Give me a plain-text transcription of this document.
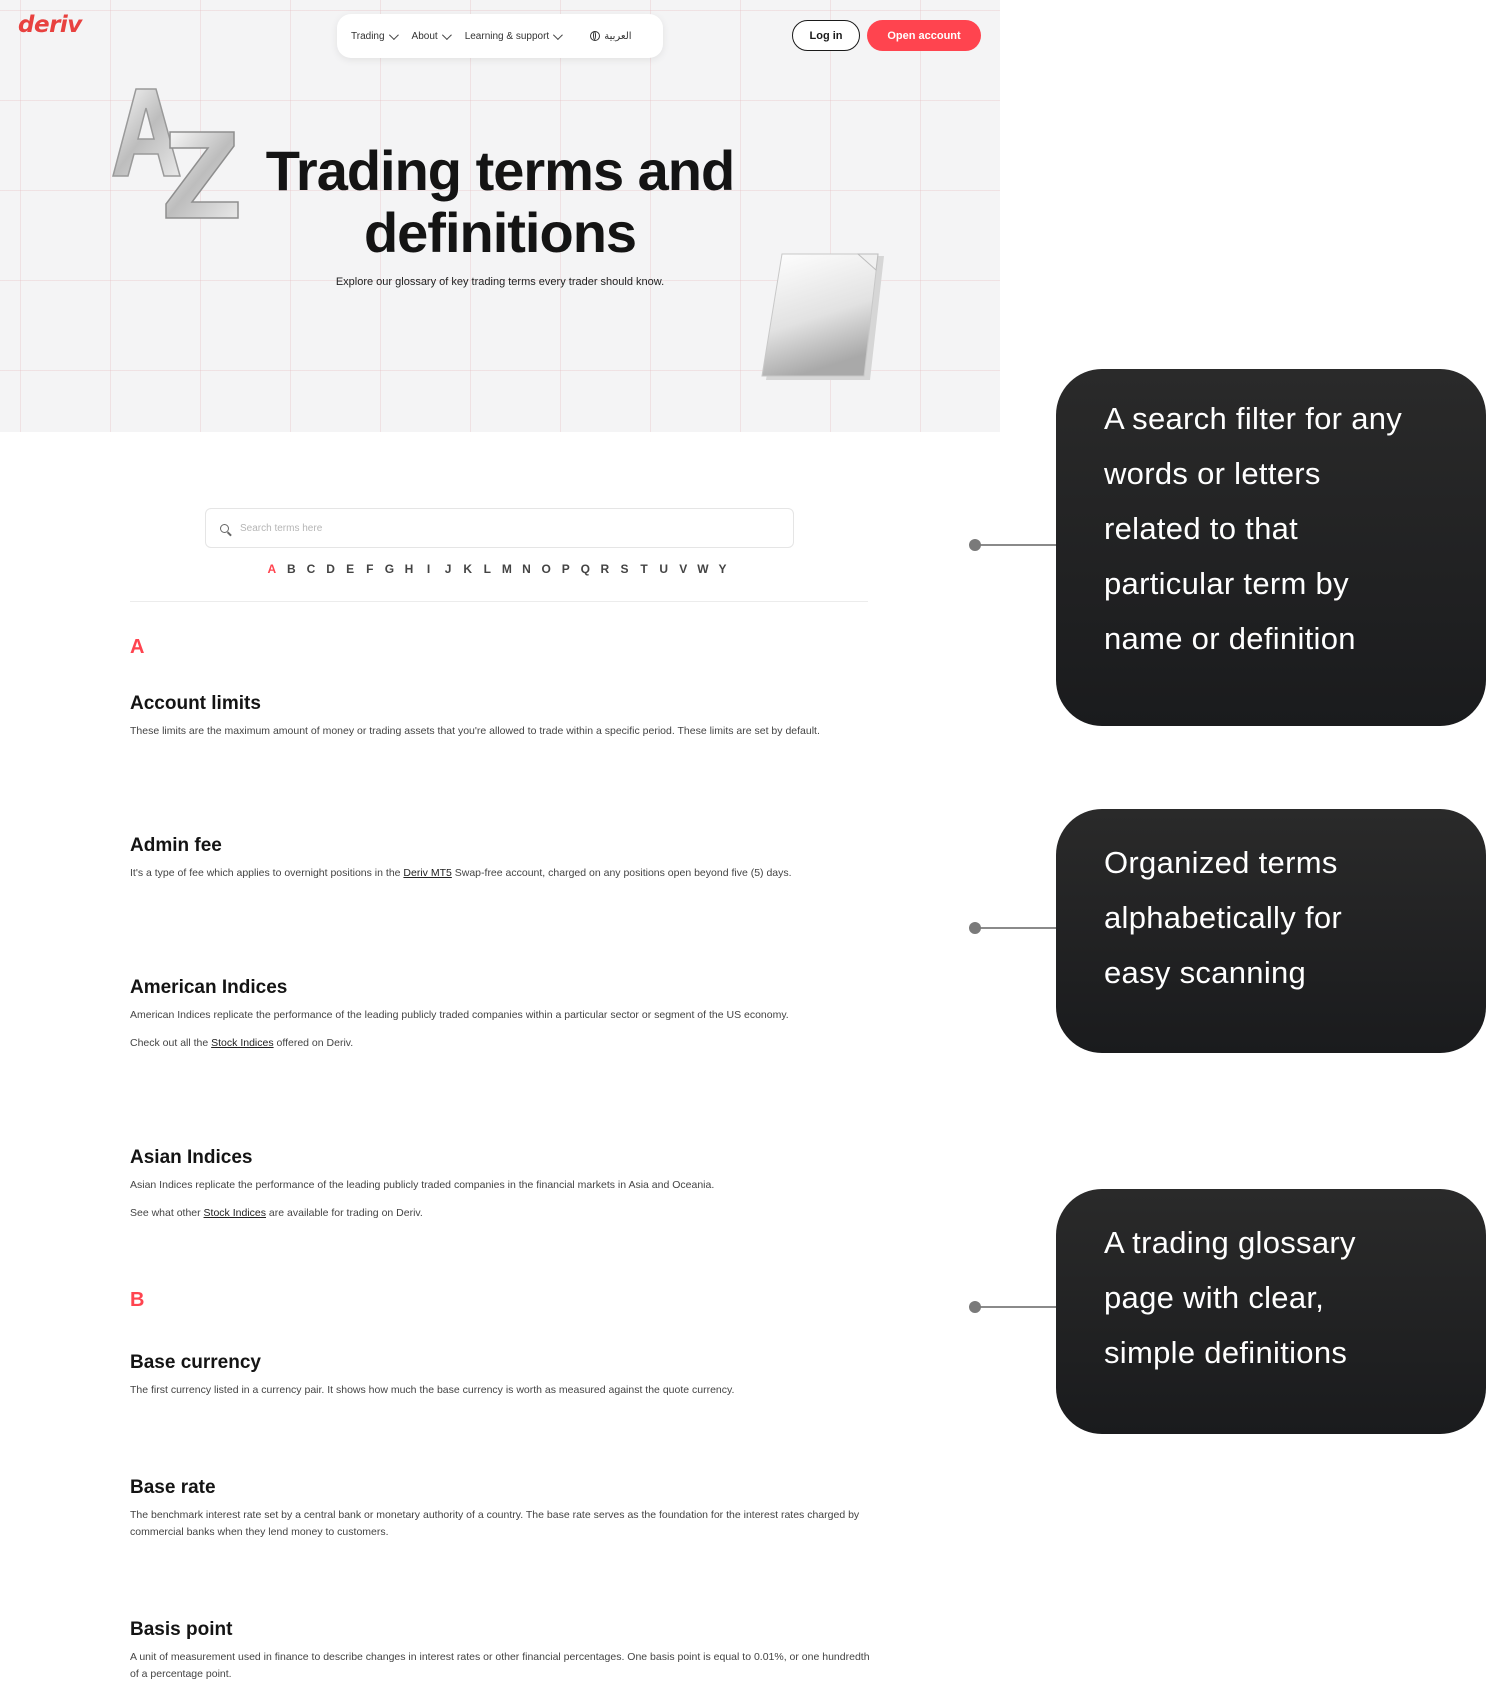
deriv	Trading	About	Learning & support	العربية	Log in	Open account
Trading terms and
definitions
Explore our glossary of key trading terms every trader should know.
Search terms here
A B C D E F G H	I	J K L M N O P Q R S T U V W Y
A
Account limits

These limits are the maximum amount of money or trading assets that you're allowed to trade within a specific period. These limits are set by default.

Admin fee

It's a type of fee which applies to overnight positions in the Deriv MT5 Swap-free account, charged on any positions open beyond five (5) days.

American Indices

American Indices replicate the performance of the leading publicly traded companies within a particular sector or segment of the US economy.

Check out all the Stock Indices offered on Deriv.

Asian Indices

Asian Indices replicate the performance of the leading publicly traded companies in the financial markets in Asia and Oceania.

See what other Stock Indices are available for trading on Deriv.

B
Base currency

The first currency listed in a currency pair. It shows how much the base currency is worth as measured against the quote currency.

Base rate

The benchmark interest rate set by a central bank or monetary authority of a country. The base rate serves as the foundation for the interest rates charged by commercial banks when they lend money to customers.

Basis point

A unit of measurement used in finance to describe changes in interest rates or other financial percentages. One basis point is equal to 0.01%, or one hundredth of a percentage point.

A search filter for any
words or letters
related to that
particular term by
name or definition
Organized terms
alphabetically for
easy scanning
A trading glossary
page with clear,
simple definitions
